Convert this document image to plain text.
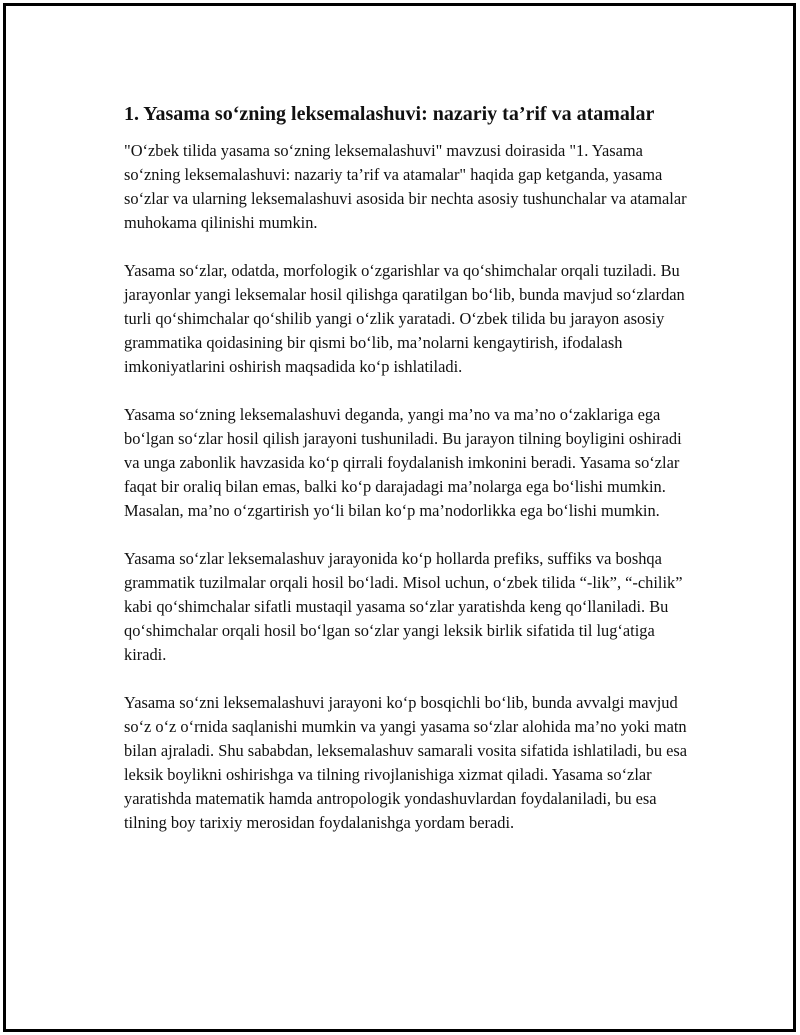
1. Yasama so‘zning leksemalashuvi: nazariy ta’rif va atamalar

"O‘zbek tilida yasama so‘zning leksemalashuvi" mavzusi doirasida "1. Yasama so‘zning leksemalashuvi: nazariy ta’rif va atamalar" haqida gap ketganda, yasama so‘zlar va ularning leksemalashuvi asosida bir nechta asosiy tushunchalar va atamalar muhokama qilinishi mumkin.

Yasama so‘zlar, odatda, morfologik o‘zgarishlar va qo‘shimchalar orqali tuziladi. Bu jarayonlar yangi leksemalar hosil qilishga qaratilgan bo‘lib, bunda mavjud so‘zlardan turli qo‘shimchalar qo‘shilib yangi o‘zlik yaratadi. O‘zbek tilida bu jarayon asosiy grammatika qoidasining bir qismi bo‘lib, ma’nolarni kengaytirish, ifodalash imkoniyatlarini oshirish maqsadida ko‘p ishlatiladi.

Yasama so‘zning leksemalashuvi deganda, yangi ma’no va ma’no o‘zaklariga ega bo‘lgan so‘zlar hosil qilish jarayoni tushuniladi. Bu jarayon tilning boyligini oshiradi va unga zabonlik havzasida ko‘p qirrali foydalanish imkonini beradi. Yasama so‘zlar faqat bir oraliq bilan emas, balki ko‘p darajadagi ma’nolarga ega bo‘lishi mumkin. Masalan, ma’no o‘zgartirish yo‘li bilan ko‘p ma’nodorlikka ega bo‘lishi mumkin.

Yasama so‘zlar leksemalashuv jarayonida ko‘p hollarda prefiks, suffiks va boshqa grammatik tuzilmalar orqali hosil bo‘ladi. Misol uchun, o‘zbek tilida “-lik”, “-chilik” kabi qo‘shimchalar sifatli mustaqil yasama so‘zlar yaratishda keng qo‘llaniladi. Bu qo‘shimchalar orqali hosil bo‘lgan so‘zlar yangi leksik birlik sifatida til lug‘atiga kiradi.

Yasama so‘zni leksemalashuvi jarayoni ko‘p bosqichli bo‘lib, bunda avvalgi mavjud so‘z o‘z o‘rnida saqlanishi mumkin va yangi yasama so‘zlar alohida ma’no yoki matn bilan ajraladi. Shu sababdan, leksemalashuv samarali vosita sifatida ishlatiladi, bu esa leksik boylikni oshirishga va tilning rivojlanishiga xizmat qiladi. Yasama so‘zlar yaratishda matematik hamda antropologik yondashuvlardan foydalaniladi, bu esa tilning boy tarixiy merosidan foydalanishga yordam beradi.
